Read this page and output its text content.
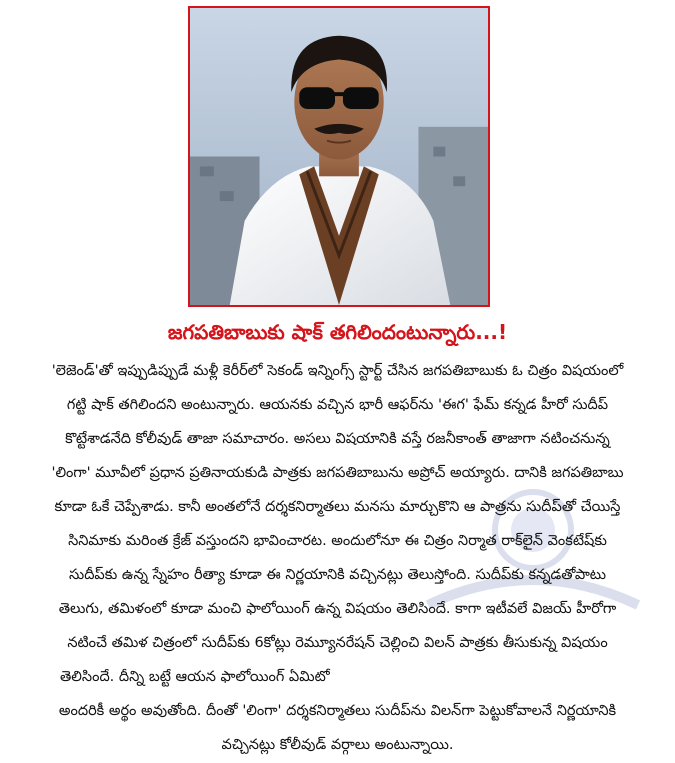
జగపతిబాబుకు షాక్ తగిలిందంటున్నారు...!
'లెజెండ్'తో ఇప్పుడిప్పుడే మళ్లీ కెరీర్‌లో సెకండ్ ఇన్నింగ్స్ స్టార్ట్ చేసిన జగపతిబాబుకు ఓ చిత్రం విషయంలో
గట్టి షాక్ తగిలిందని అంటున్నారు. ఆయనకు వచ్చిన భారీ ఆఫర్‌ను 'ఈగ' ఫేమ్ కన్నడ హీరో సుదీప్
కొట్టేశాడనేది కోలీవుడ్ తాజా సమాచారం. అసలు విషయానికి వస్తే రజనీకాంత్ తాజాగా నటించనున్న
'లింగా' మూవీలో ప్రధాన ప్రతినాయకుడి పాత్రకు జగపతిబాబును అప్రోచ్ అయ్యారు. దానికి జగపతిబాబు
కూడా ఓకే చెప్పేశాడు. కానీ అంతలోనే దర్శకనిర్మాతలు మనసు మార్చుకొని ఆ పాత్రను సుదీప్‌తో చేయిస్తే
సినిమాకు మరింత క్రేజ్ వస్తుందని భావించారట. అందులోనూ ఈ చిత్రం నిర్మాత రాక్‌లైన్ వెంకటేష్‌కు
సుదీప్‌కు ఉన్న స్నేహం రీత్యా కూడా ఈ నిర్ణయానికి వచ్చినట్లు తెలుస్తోంది. సుదీప్‌కు కన్నడతోపాటు
తెలుగు, తమిళంలో కూడా మంచి ఫాలోయింగ్ ఉన్న విషయం తెలిసిందే. కాగా ఇటీవలే విజయ్ హీరోగా
నటించే తమిళ చిత్రంలో సుదీప్‌కు 6కోట్లు రెమ్యూనరేషన్ చెల్లించి విలన్ పాత్రకు తీసుకున్న విషయం
తెలిసిందే. దీన్ని బట్టే ఆయన ఫాలోయింగ్ ఏమిటో
అందరికీ అర్థం అవుతోంది. దీంతో 'లింగా' దర్శకనిర్మాతలు సుదీప్‌ను విలన్‌గా పెట్టుకోవాలనే నిర్ణయానికి
వచ్చినట్లు కోలీవుడ్ వర్గాలు అంటున్నాయి.
